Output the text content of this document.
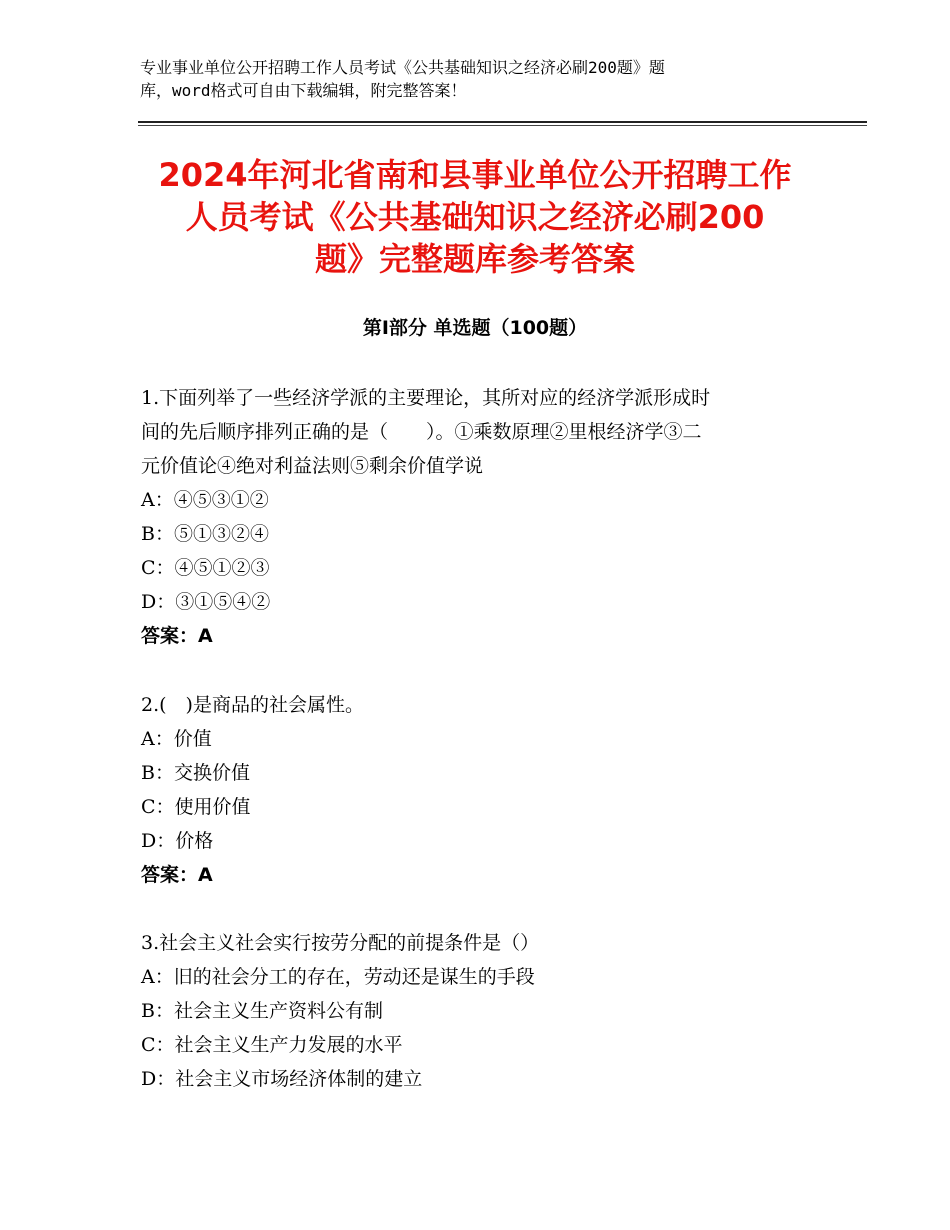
专业事业单位公开招聘工作人员考试《公共基础知识之经济必刷200题》题
库，word格式可自由下载编辑，附完整答案！
2024年河北省南和县事业单位公开招聘工作
人员考试《公共基础知识之经济必刷200
题》完整题库参考答案
第Ⅰ部分 单选题（100题）
1.下面列举了一些经济学派的主要理论，其所对应的经济学派形成时
间的先后顺序排列正确的是（　　）。①乘数原理②里根经济学③二
元价值论④绝对利益法则⑤剩余价值学说
A：④⑤③①②
B：⑤①③②④
C：④⑤①②③
D：③①⑤④②
答案：A
2.(　)是商品的社会属性。
A：价值
B：交换价值
C：使用价值
D：价格
答案：A
3.社会主义社会实行按劳分配的前提条件是（）
A：旧的社会分工的存在，劳动还是谋生的手段
B：社会主义生产资料公有制
C：社会主义生产力发展的水平
D：社会主义市场经济体制的建立
